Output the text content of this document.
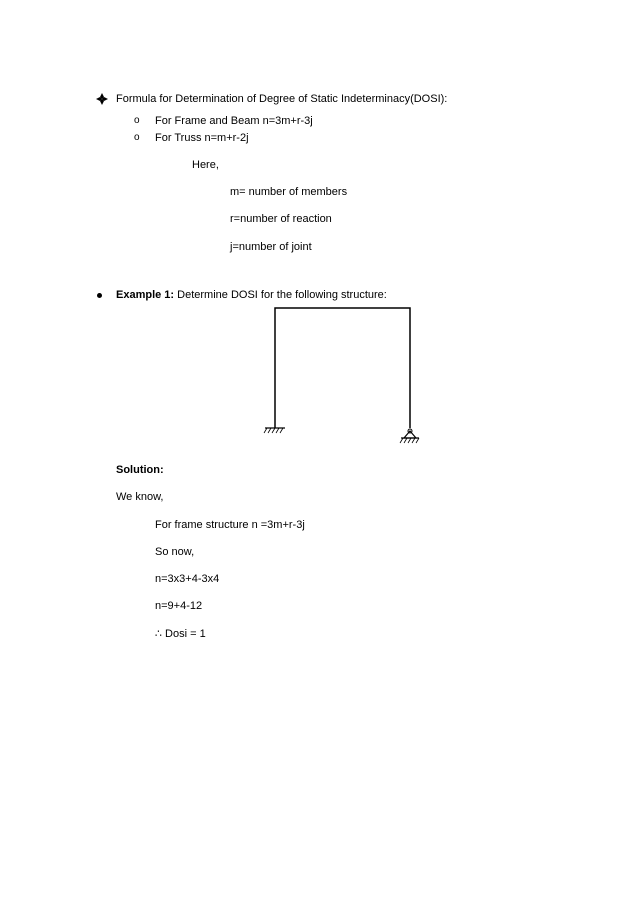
Formula for Determination of Degree of Static Indeterminacy(DOSI):
o For Frame and Beam n=3m+r-3j
o For Truss n=m+r-2j
Here,
m= number of members
r=number of reaction
j=number of joint
Example 1: Determine DOSI for the following structure:
Solution:
We know,
For frame structure n =3m+r-3j
So now,
n=3x3+4-3x4
n=9+4-12
∴ Dosi = 1
